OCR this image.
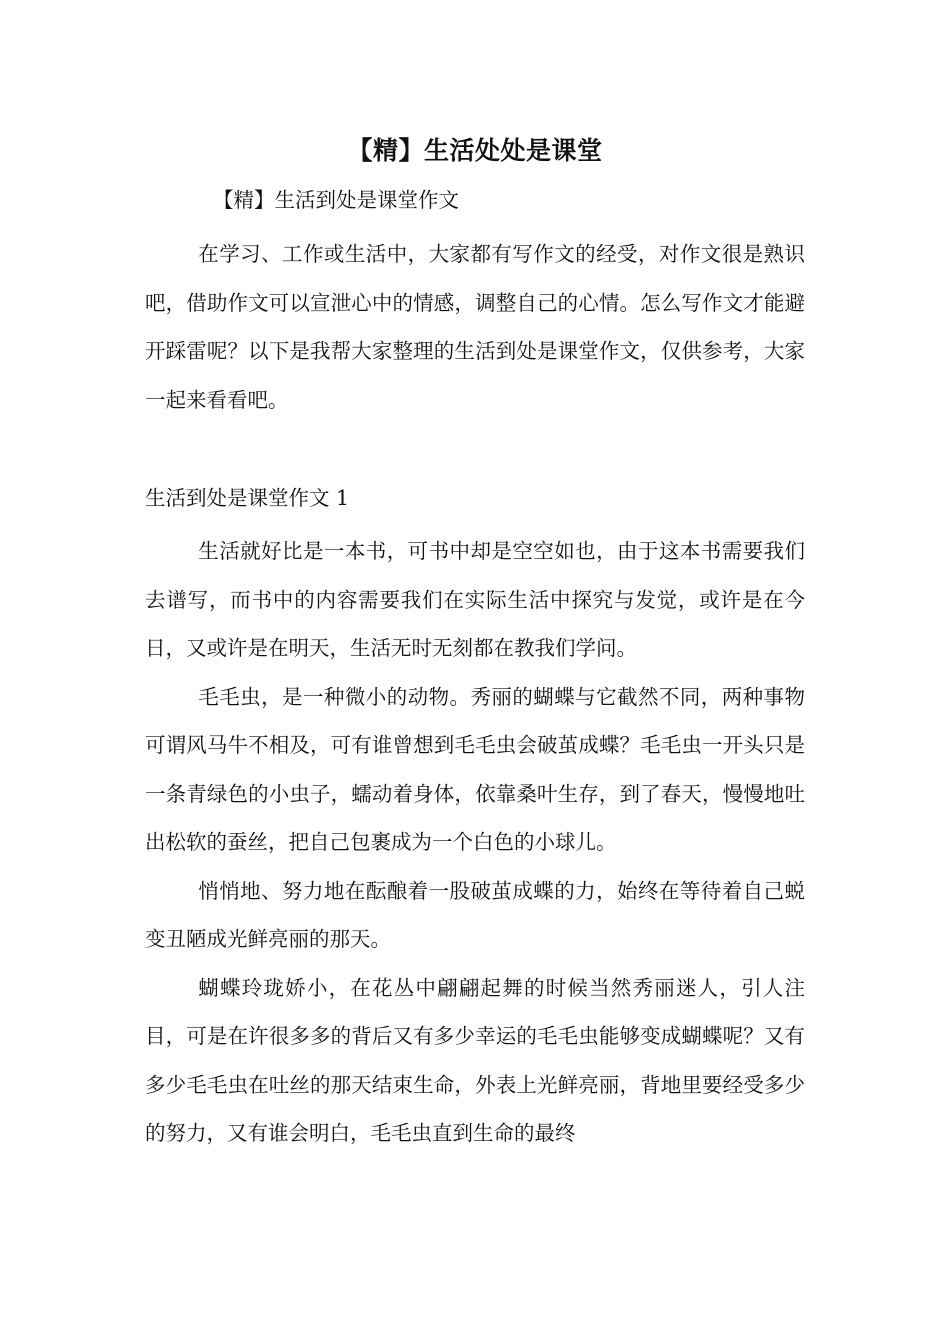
【精】生活处处是课堂
【精】生活到处是课堂作文

在学习、工作或生活中，大家都有写作文的经受，对作文很是熟识吧，借助作文可以宣泄心中的情感，调整自己的心情。怎么写作文才能避开踩雷呢？以下是我帮大家整理的生活到处是课堂作文，仅供参考，大家一起来看看吧。

生活到处是课堂作文 1

生活就好比是一本书，可书中却是空空如也，由于这本书需要我们去谱写，而书中的内容需要我们在实际生活中探究与发觉，或许是在今日，又或许是在明天，生活无时无刻都在教我们学问。

毛毛虫，是一种微小的动物。秀丽的蝴蝶与它截然不同，两种事物可谓风马牛不相及，可有谁曾想到毛毛虫会破茧成蝶？毛毛虫一开头只是一条青绿色的小虫子，蠕动着身体，依靠桑叶生存，到了春天，慢慢地吐出松软的蚕丝，把自己包裹成为一个白色的小球儿。

悄悄地、努力地在酝酿着一股破茧成蝶的力，始终在等待着自己蜕变丑陋成光鲜亮丽的那天。

蝴蝶玲珑娇小，在花丛中翩翩起舞的时候当然秀丽迷人，引人注目，可是在许很多多的背后又有多少幸运的毛毛虫能够变成蝴蝶呢？又有多少毛毛虫在吐丝的那天结束生命，外表上光鲜亮丽，背地里要经受多少的努力，又有谁会明白，毛毛虫直到生命的最终
